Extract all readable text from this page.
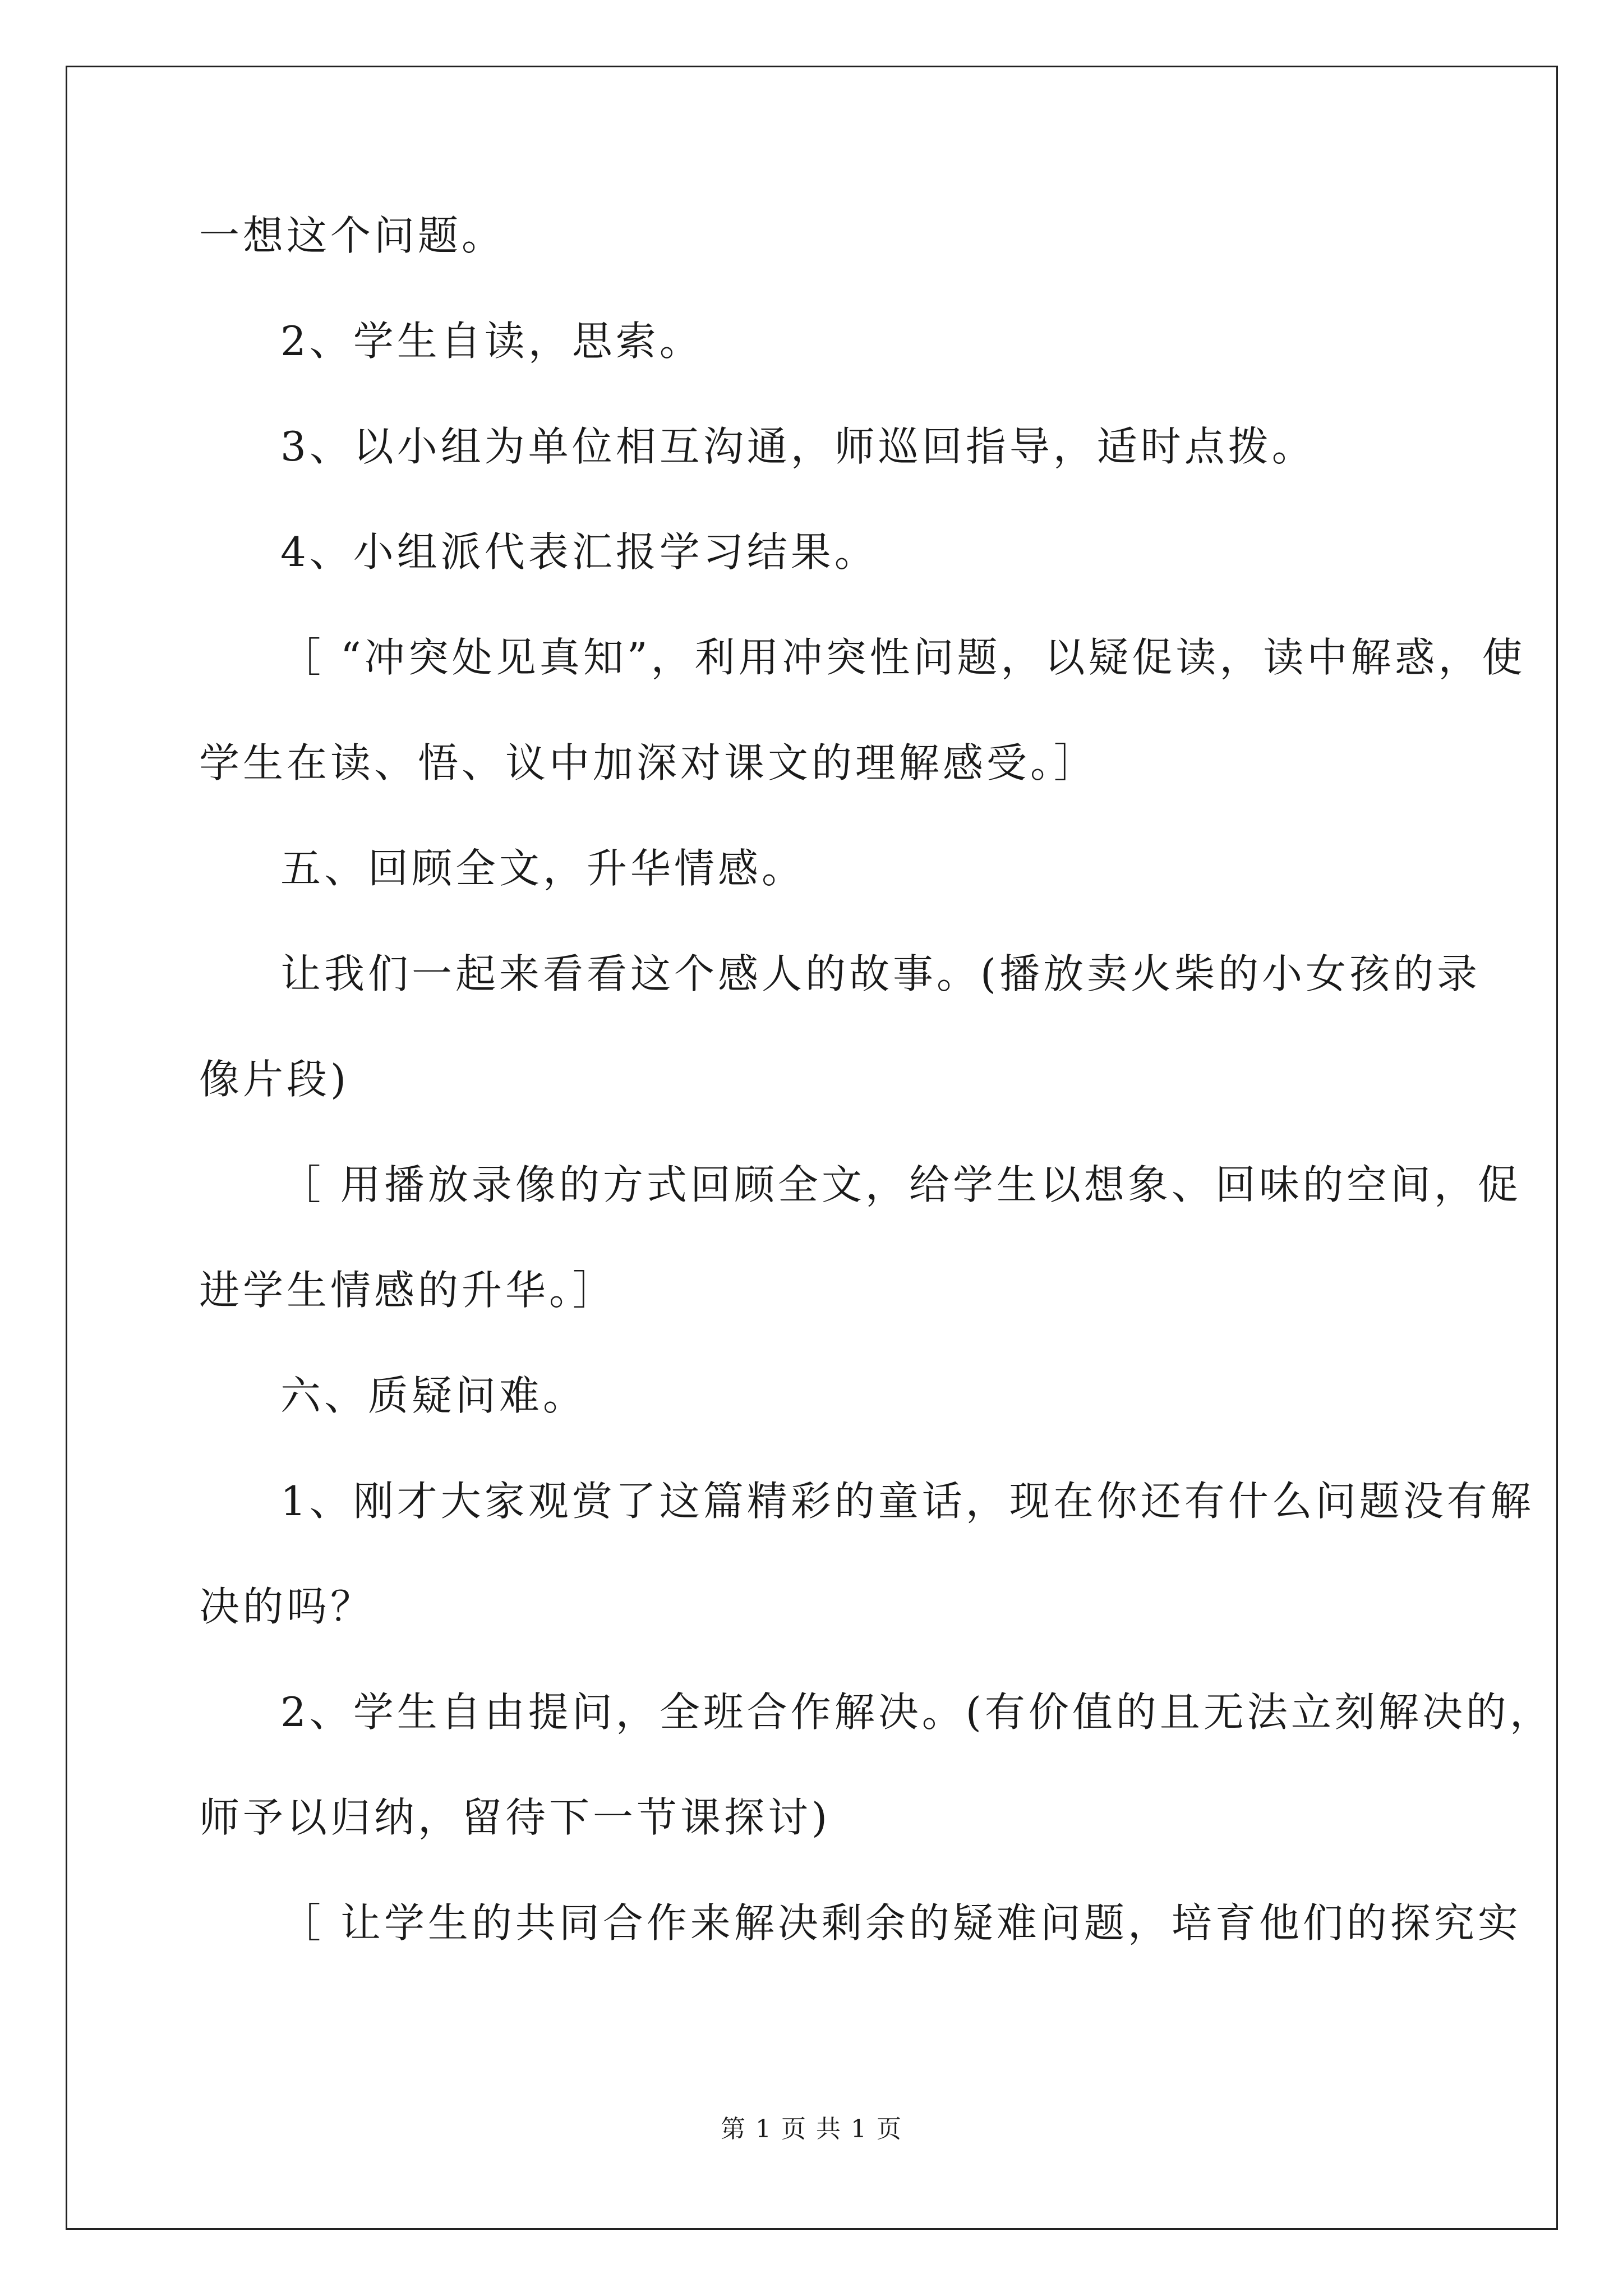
一想这个问题。
2、学生自读，思索。
3、以小组为单位相互沟通，师巡回指导，适时点拨。
4、小组派代表汇报学习结果。
［ “冲突处见真知”，利用冲突性问题，以疑促读，读中解惑，使
学生在读、悟、议中加深对课文的理解感受。］
五、回顾全文，升华情感。
让我们一起来看看这个感人的故事。(播放卖火柴的小女孩的录
像片段)
［ 用播放录像的方式回顾全文，给学生以想象、回味的空间，促
进学生情感的升华。］
六、质疑问难。
1、刚才大家观赏了这篇精彩的童话，现在你还有什么问题没有解
决的吗？
2、学生自由提问，全班合作解决。(有价值的且无法立刻解决的，
师予以归纳，留待下一节课探讨)
［ 让学生的共同合作来解决剩余的疑难问题，培育他们的探究实
第 1 页 共 1 页
